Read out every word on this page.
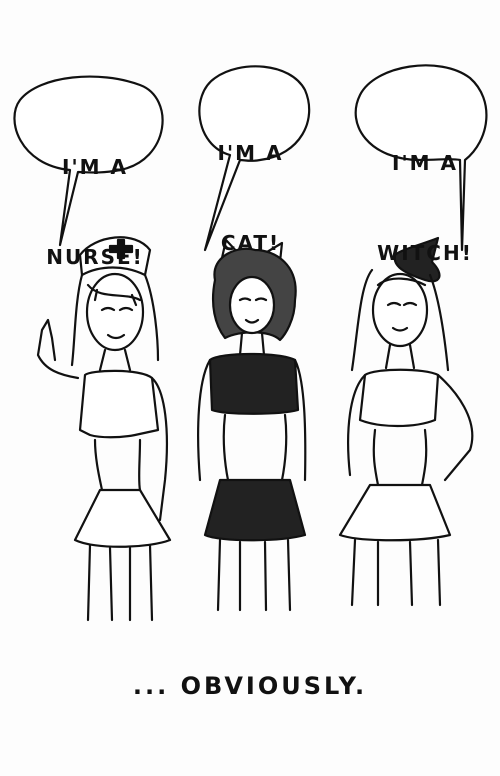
I'M A

NURSE!

I'M A

CAT!

I'M A

WITCH!

... OBVIOUSLY.
